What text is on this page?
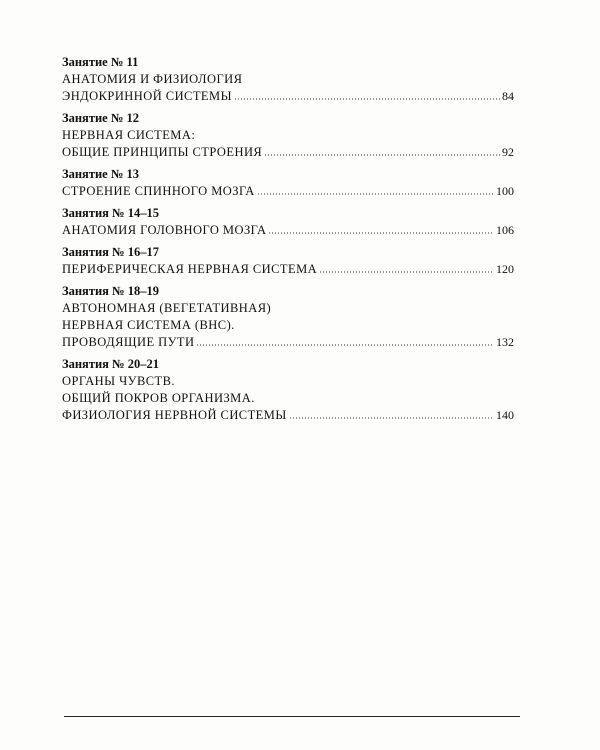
Занятие № 11
АНАТОМИЯ И ФИЗИОЛОГИЯ
ЭНДОКРИННОЙ СИСТЕМЫ	84
Занятие № 12
НЕРВНАЯ СИСТЕМА:
ОБЩИЕ ПРИНЦИПЫ СТРОЕНИЯ	92
Занятие № 13
СТРОЕНИЕ СПИННОГО МОЗГА	100
Занятия № 14–15
АНАТОМИЯ ГОЛОВНОГО МОЗГА	106
Занятия № 16–17
ПЕРИФЕРИЧЕСКАЯ НЕРВНАЯ СИСТЕМА	120
Занятия № 18–19
АВТОНОМНАЯ (ВЕГЕТАТИВНАЯ)
НЕРВНАЯ СИСТЕМА (ВНС).
ПРОВОДЯЩИЕ ПУТИ	132
Занятия № 20–21
ОРГАНЫ ЧУВСТВ.
ОБЩИЙ ПОКРОВ ОРГАНИЗМА.
ФИЗИОЛОГИЯ НЕРВНОЙ СИСТЕМЫ	140
